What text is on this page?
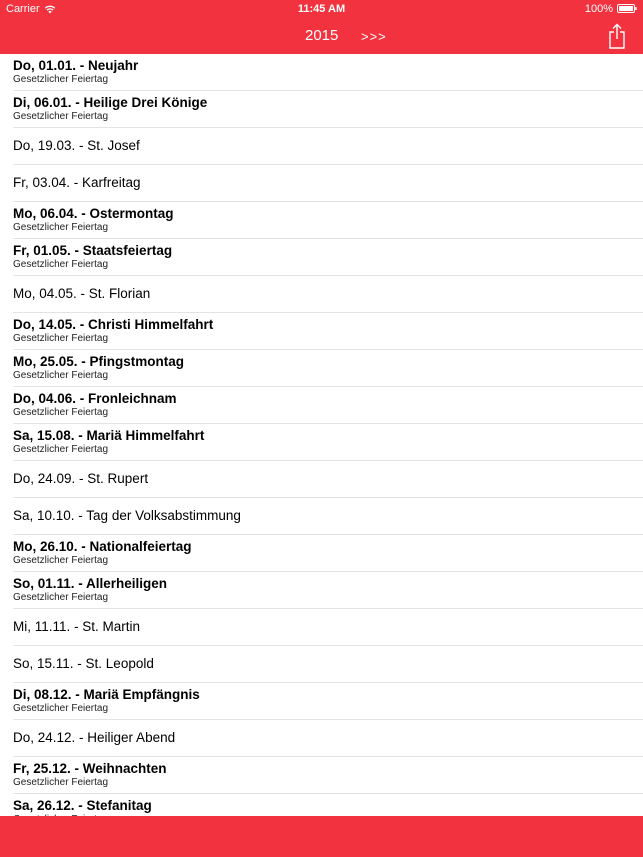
Carrier	11:45 AM	100%
2015 >>>
Do, 01.01. - Neujahr
Gesetzlicher Feiertag
Di, 06.01. - Heilige Drei Könige
Gesetzlicher Feiertag
Do, 19.03. - St. Josef
Fr, 03.04. - Karfreitag
Mo, 06.04. - Ostermontag
Gesetzlicher Feiertag
Fr, 01.05. - Staatsfeiertag
Gesetzlicher Feiertag
Mo, 04.05. - St. Florian
Do, 14.05. - Christi Himmelfahrt
Gesetzlicher Feiertag
Mo, 25.05. - Pfingstmontag
Gesetzlicher Feiertag
Do, 04.06. - Fronleichnam
Gesetzlicher Feiertag
Sa, 15.08. - Mariä Himmelfahrt
Gesetzlicher Feiertag
Do, 24.09. - St. Rupert
Sa, 10.10. - Tag der Volksabstimmung
Mo, 26.10. - Nationalfeiertag
Gesetzlicher Feiertag
So, 01.11. - Allerheiligen
Gesetzlicher Feiertag
Mi, 11.11. - St. Martin
So, 15.11. - St. Leopold
Di, 08.12. - Mariä Empfängnis
Gesetzlicher Feiertag
Do, 24.12. - Heiliger Abend
Fr, 25.12. - Weihnachten
Gesetzlicher Feiertag
Sa, 26.12. - Stefanitag
